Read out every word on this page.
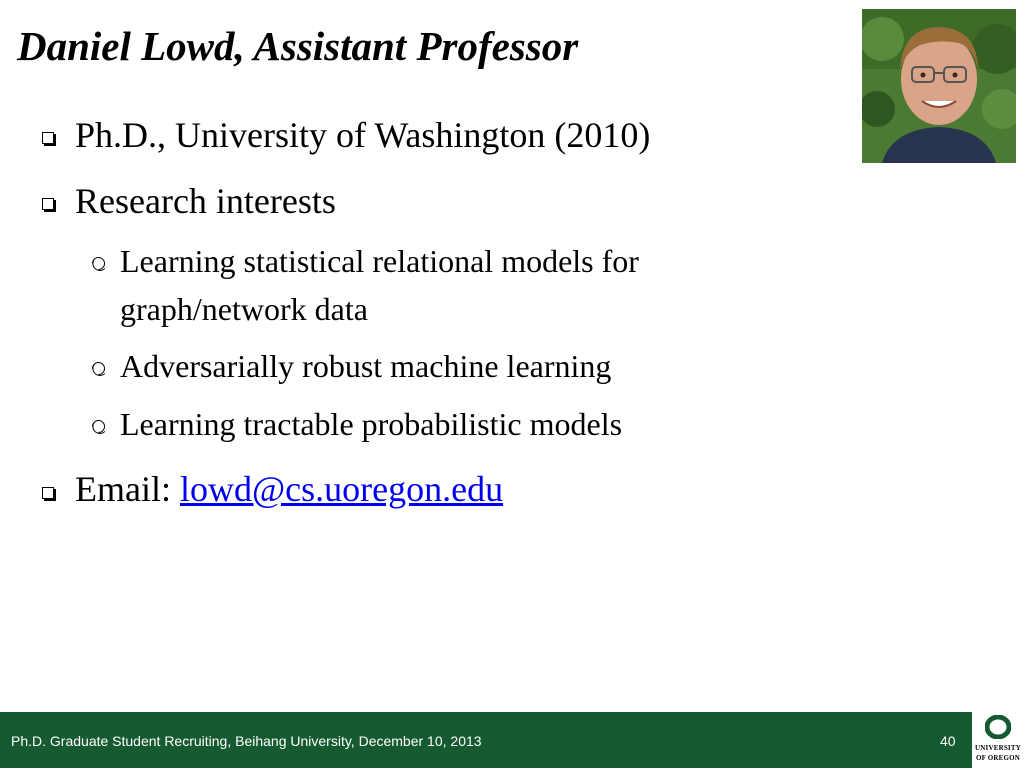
Daniel Lowd, Assistant Professor
Ph.D., University of Washington (2010)
Research interests
Learning statistical relational models for
graph/network data
Adversarially robust machine learning
Learning tractable probabilistic models
Email: lowd@cs.uoregon.edu
Ph.D. Graduate Student Recruiting, Beihang University, December 10, 2013	40	UNIVERSITY
OF OREGON
